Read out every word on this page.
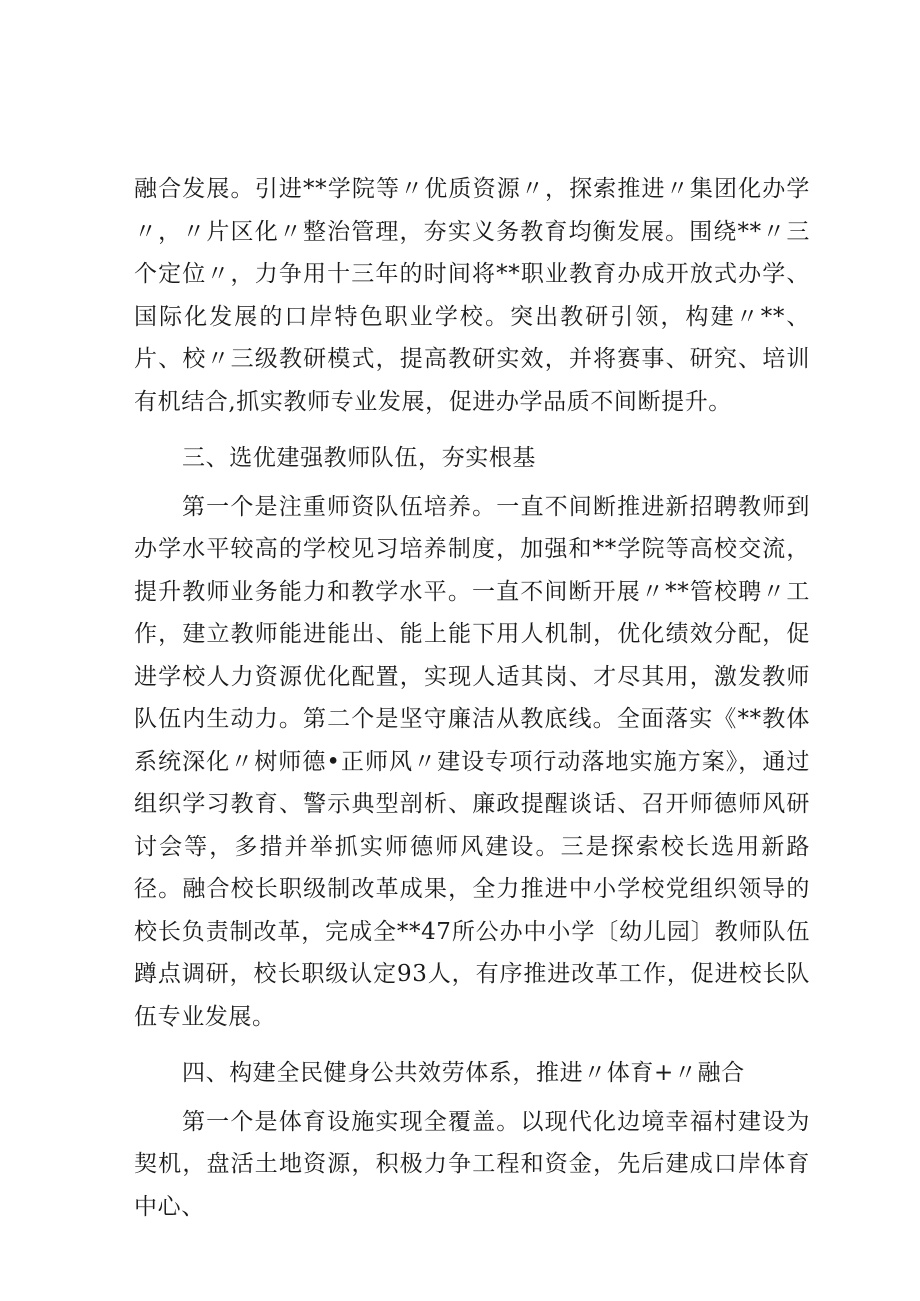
融合发展。引进**学院等〃优质资源〃，探索推进〃集团化办学〃，〃片区化〃整治管理，夯实义务教育均衡发展。围绕**〃三个定位〃，力争用十三年的时间将**职业教育办成开放式办学、国际化发展的口岸特色职业学校。突出教研引领，构建〃**、片、校〃三级教研模式，提高教研实效，并将赛事、研究、培训有机结合,抓实教师专业发展，促进办学品质不间断提升。

三、选优建强教师队伍，夯实根基

第一个是注重师资队伍培养。一直不间断推进新招聘教师到办学水平较高的学校见习培养制度，加强和**学院等高校交流，提升教师业务能力和教学水平。一直不间断开展〃**管校聘〃工作，建立教师能进能出、能上能下用人机制，优化绩效分配，促进学校人力资源优化配置，实现人适其岗、才尽其用，激发教师队伍内生动力。第二个是坚守廉洁从教底线。全面落实《**教体系统深化〃树师德•正师风〃建设专项行动落地实施方案》，通过组织学习教育、警示典型剖析、廉政提醒谈话、召开师德师风研讨会等，多措并举抓实师德师风建设。三是探索校长选用新路径。融合校长职级制改革成果，全力推进中小学校党组织领导的校长负责制改革，完成全**47所公办中小学〔幼儿园〕教师队伍蹲点调研，校长职级认定93人，有序推进改革工作，促进校长队伍专业发展。

四、构建全民健身公共效劳体系，推进〃体育+〃融合

第一个是体育设施实现全覆盖。以现代化边境幸福村建设为契机，盘活土地资源，积极力争工程和资金，先后建成口岸体育中心、
